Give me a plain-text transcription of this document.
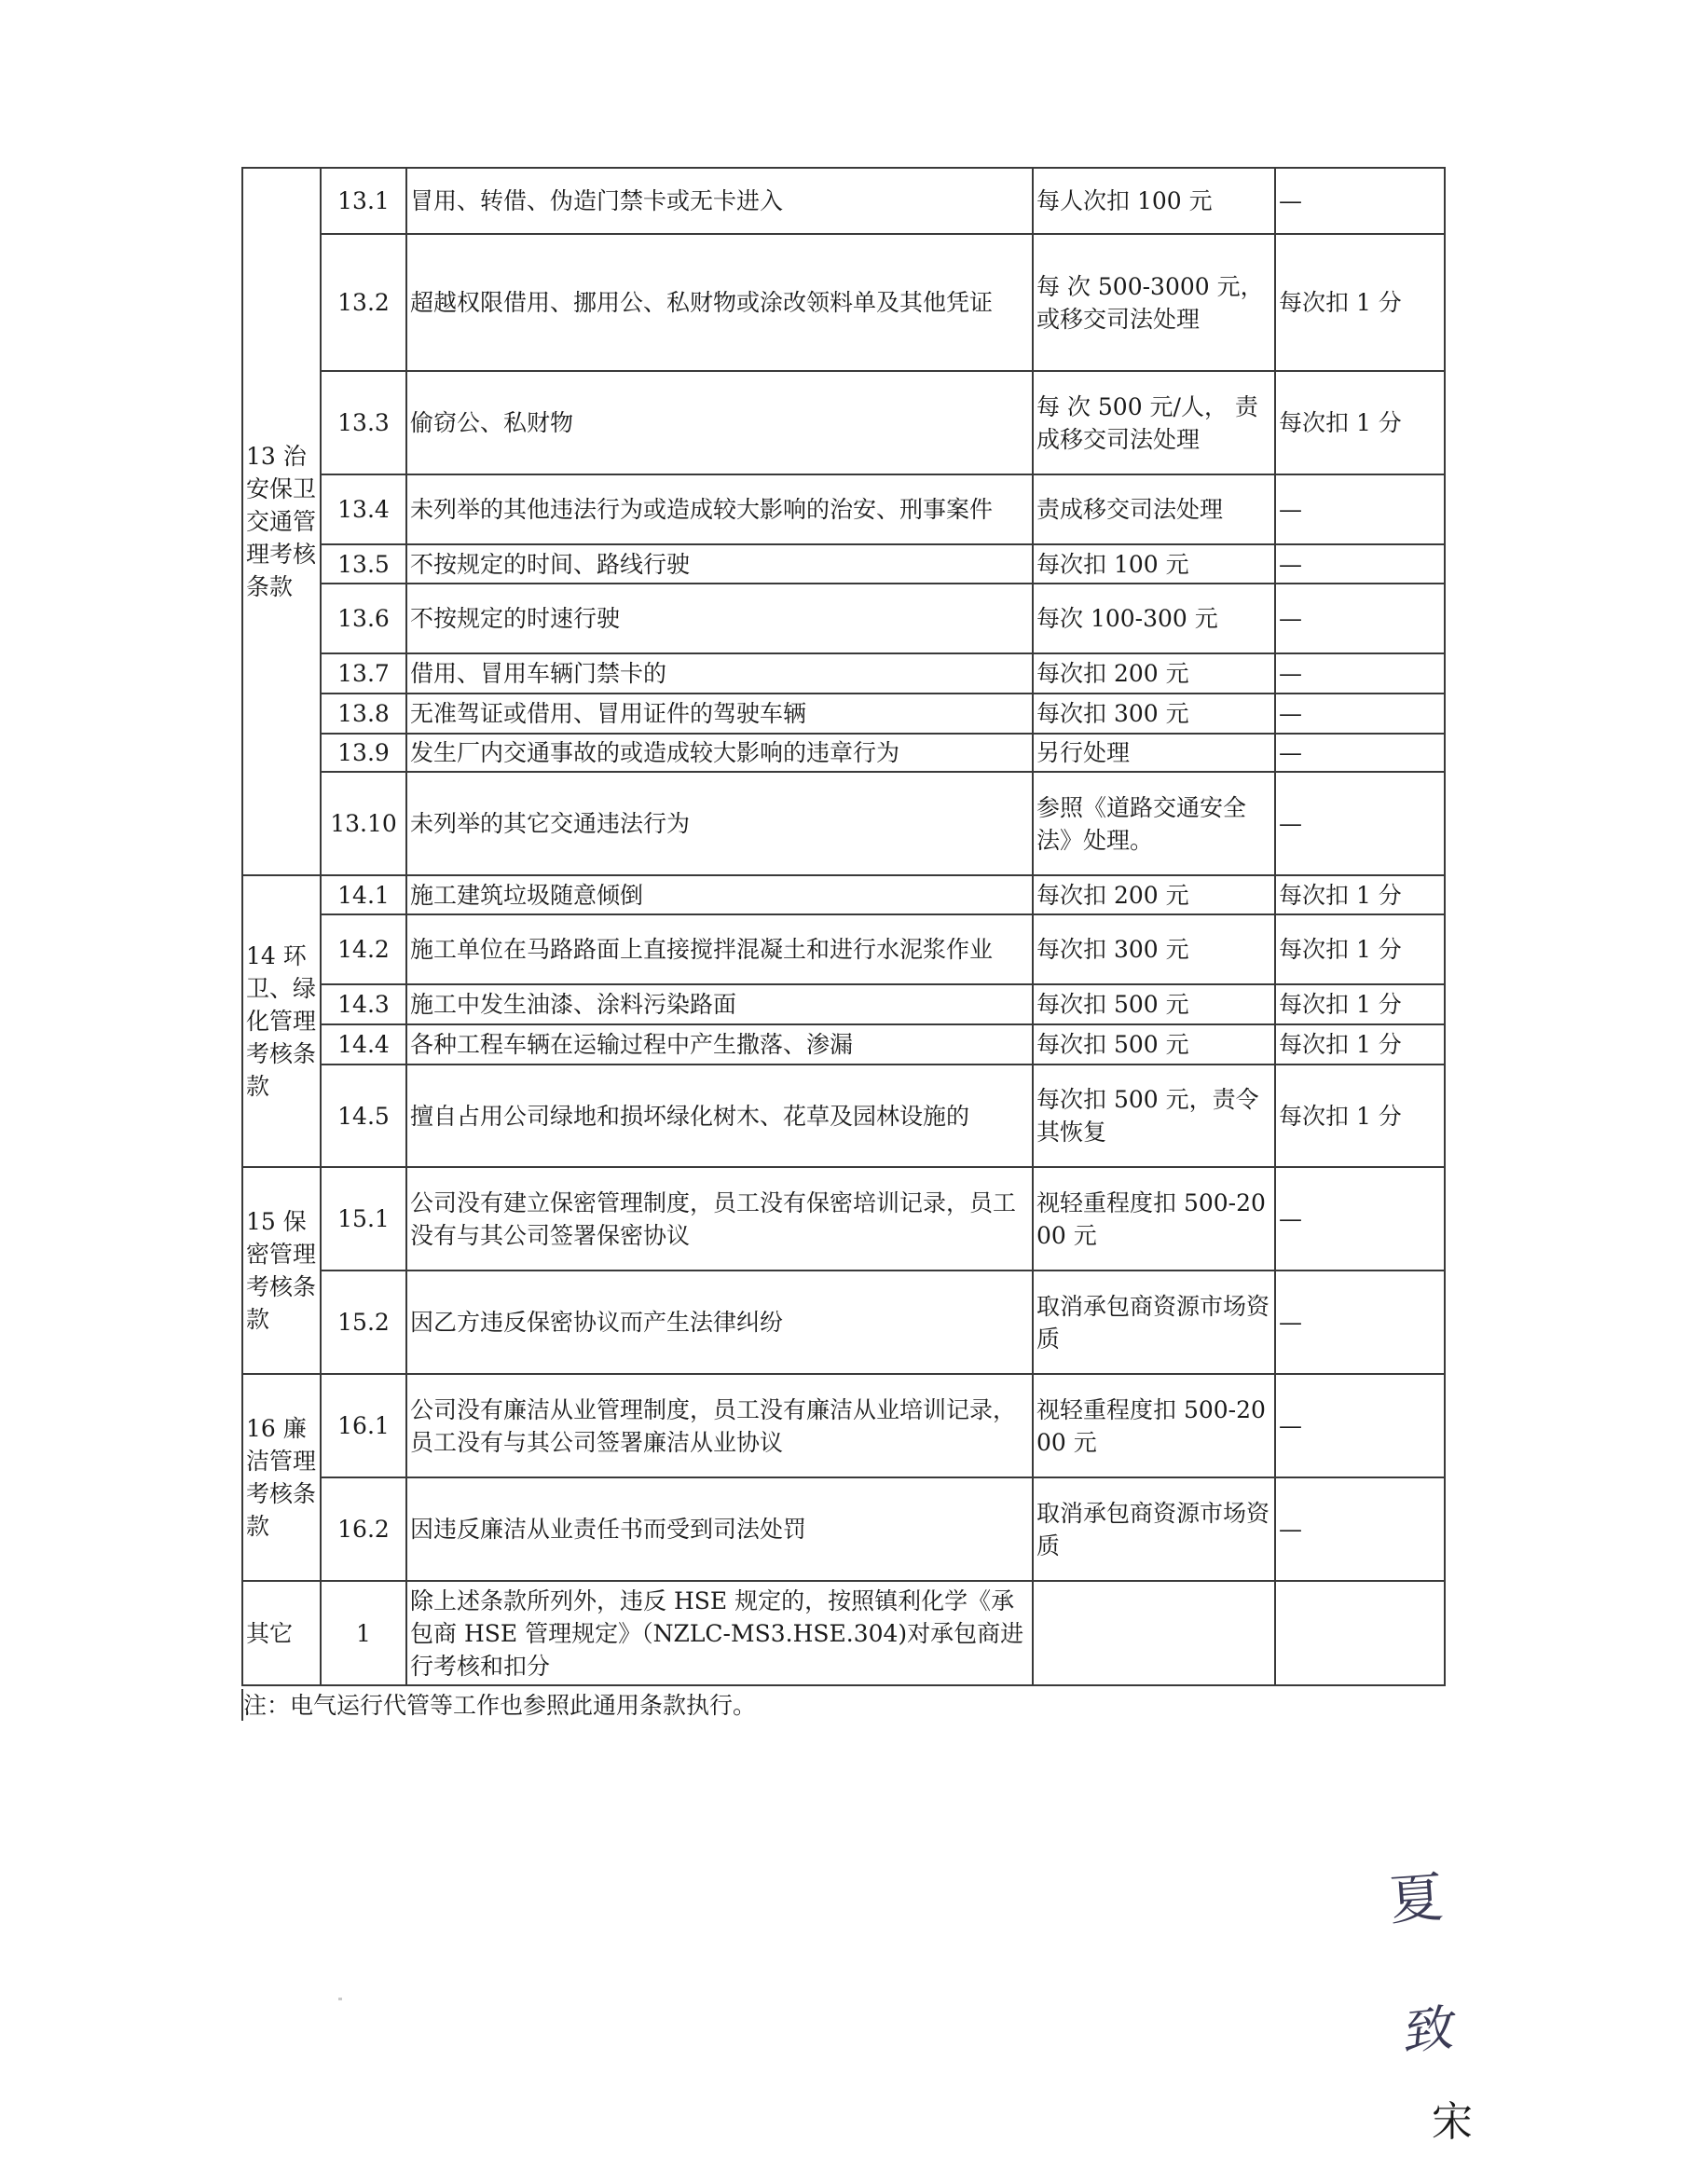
13 治安保卫交通管理考核条款	13.1	冒用、转借、伪造门禁卡或无卡进入	每人次扣 100 元	—
	13.2	超越权限借用、挪用公、私财物或涂改领料单及其他凭证	每 次 500-3000 元，或移交司法处理	每次扣 1 分
	13.3	偷窃公、私财物	每 次 500 元/人， 责成移交司法处理	每次扣 1 分
	13.4	未列举的其他违法行为或造成较大影响的治安、刑事案件	责成移交司法处理	—
	13.5	不按规定的时间、路线行驶	每次扣 100 元	—
	13.6	不按规定的时速行驶	每次 100-300 元	—
	13.7	借用、冒用车辆门禁卡的	每次扣 200 元	—
	13.8	无准驾证或借用、冒用证件的驾驶车辆	每次扣 300 元	—
	13.9	发生厂内交通事故的或造成较大影响的违章行为	另行处理	—
	13.10	未列举的其它交通违法行为	参照《道路交通安全法》处理。	—
14 环卫、绿化管理考核条款	14.1	施工建筑垃圾随意倾倒	每次扣 200 元	每次扣 1 分
	14.2	施工单位在马路路面上直接搅拌混凝土和进行水泥浆作业	每次扣 300 元	每次扣 1 分
	14.3	施工中发生油漆、涂料污染路面	每次扣 500 元	每次扣 1 分
	14.4	各种工程车辆在运输过程中产生撒落、渗漏	每次扣 500 元	每次扣 1 分
	14.5	擅自占用公司绿地和损坏绿化树木、花草及园林设施的	每次扣 500 元，责令其恢复	每次扣 1 分
15 保密管理考核条款	15.1	公司没有建立保密管理制度，员工没有保密培训记录，员工没有与其公司签署保密协议	视轻重程度扣 500-2000 元	—
	15.2	因乙方违反保密协议而产生法律纠纷	取消承包商资源市场资质	—
16 廉洁管理考核条款	16.1	公司没有廉洁从业管理制度，员工没有廉洁从业培训记录，员工没有与其公司签署廉洁从业协议	视轻重程度扣 500-2000 元	—
	16.2	因违反廉洁从业责任书而受到司法处罚	取消承包商资源市场资质	—
其它	1	除上述条款所列外，违反 HSE 规定的，按照镇利化学《承包商 HSE 管理规定》（NZLC-MS3.HSE.304)对承包商进行考核和扣分		
注：电气运行代管等工作也参照此通用条款执行。
夏
致
宋
